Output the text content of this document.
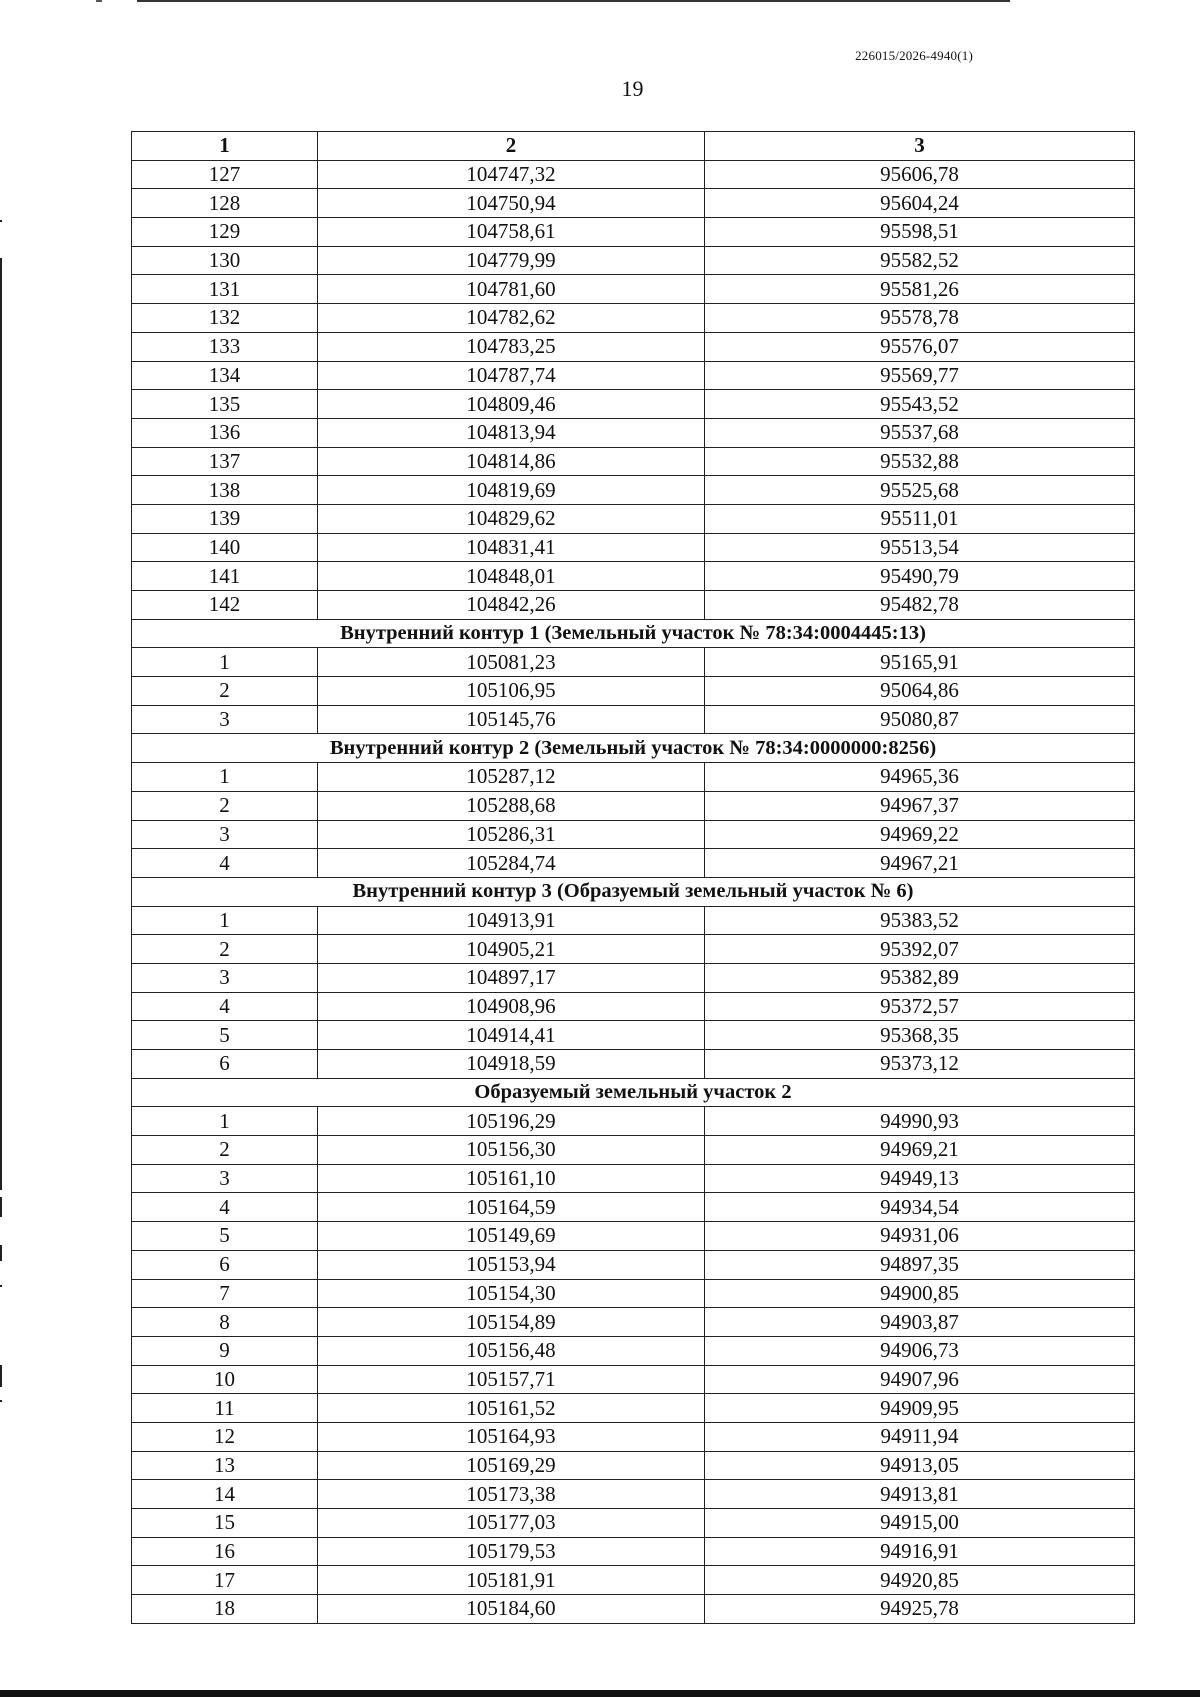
226015/2026-4940(1)
19
1	2	3
127	104747,32	95606,78
128	104750,94	95604,24
129	104758,61	95598,51
130	104779,99	95582,52
131	104781,60	95581,26
132	104782,62	95578,78
133	104783,25	95576,07
134	104787,74	95569,77
135	104809,46	95543,52
136	104813,94	95537,68
137	104814,86	95532,88
138	104819,69	95525,68
139	104829,62	95511,01
140	104831,41	95513,54
141	104848,01	95490,79
142	104842,26	95482,78
Внутренний контур 1 (Земельный участок № 78:34:0004445:13)		
1	105081,23	95165,91
2	105106,95	95064,86
3	105145,76	95080,87
Внутренний контур 2 (Земельный участок № 78:34:0000000:8256)		
1	105287,12	94965,36
2	105288,68	94967,37
3	105286,31	94969,22
4	105284,74	94967,21
Внутренний контур 3 (Образуемый земельный участок № 6)		
1	104913,91	95383,52
2	104905,21	95392,07
3	104897,17	95382,89
4	104908,96	95372,57
5	104914,41	95368,35
6	104918,59	95373,12
Образуемый земельный участок 2		
1	105196,29	94990,93
2	105156,30	94969,21
3	105161,10	94949,13
4	105164,59	94934,54
5	105149,69	94931,06
6	105153,94	94897,35
7	105154,30	94900,85
8	105154,89	94903,87
9	105156,48	94906,73
10	105157,71	94907,96
11	105161,52	94909,95
12	105164,93	94911,94
13	105169,29	94913,05
14	105173,38	94913,81
15	105177,03	94915,00
16	105179,53	94916,91
17	105181,91	94920,85
18	105184,60	94925,78
